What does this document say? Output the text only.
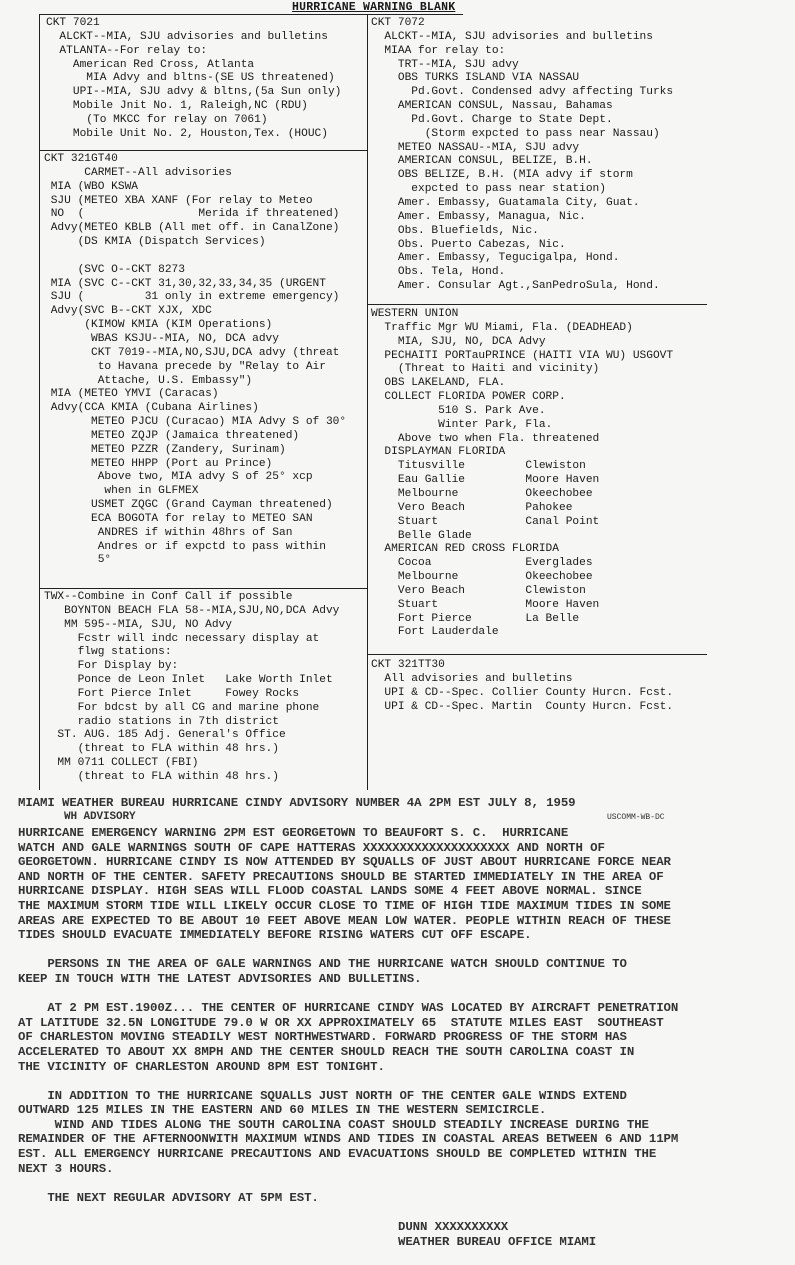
HURRICANE WARNING BLANK
CKT 7021
ALCKT--MIA, SJU advisories and bulletins
ATLANTA--For relay to:
American Red Cross, Atlanta
MIA Advy and bltns-(SE US threatened)
UPI--MIA, SJU advy & bltns,(5a Sun only)
Mobile Jnit No. 1, Raleigh,NC (RDU)
(To MKCC for relay on 7061)
Mobile Unit No. 2, Houston,Tex. (HOUC)
CKT 321GT40
CARMET--All advisories
MIA (WBO KSWA
SJU (METEO XBA XANF (For relay to Meteo
NO  (                 Merida if threatened)
Advy(METEO KBLB (All met off. in CanalZone)
(DS KMIA (Dispatch Services)
(SVC O--CKT 8273
MIA (SVC C--CKT 31,30,32,33,34,35 (URGENT
SJU (         31 only in extreme emergency)
Advy(SVC B--CKT XJX, XDC
(KIMOW KMIA (KIM Operations)
WBAS KSJU--MIA, NO, DCA advy
CKT 7019--MIA,NO,SJU,DCA advy (threat
to Havana precede by "Relay to Air
Attache, U.S. Embassy")
MIA (METEO YMVI (Caracas)
Advy(CCA KMIA (Cubana Airlines)
METEO PJCU (Curacao) MIA Advy S of 30°
METEO ZQJP (Jamaica threatened)
METEO PZZR (Zandery, Surinam)
METEO HHPP (Port au Prince)
Above two, MIA advy S of 25° xcp
when in GLFMEX
USMET ZQGC (Grand Cayman threatened)
ECA BOGOTA for relay to METEO SAN
ANDRES if within 48hrs of San
Andres or if expctd to pass within
5°
TWX--Combine in Conf Call if possible
BOYNTON BEACH FLA 58--MIA,SJU,NO,DCA Advy
MM 595--MIA, SJU, NO Advy
Fcstr will indc necessary display at
flwg stations:
For Display by:
Ponce de Leon Inlet   Lake Worth Inlet
Fort Pierce Inlet     Fowey Rocks
For bdcst by all CG and marine phone
radio stations in 7th district
ST. AUG. 185 Adj. General's Office
(threat to FLA within 48 hrs.)
MM 0711 COLLECT (FBI)
(threat to FLA within 48 hrs.)
CKT 7072
ALCKT--MIA, SJU advisories and bulletins
MIAA for relay to:
TRT--MIA, SJU advy
OBS TURKS ISLAND VIA NASSAU
Pd.Govt. Condensed advy affecting Turks
AMERICAN CONSUL, Nassau, Bahamas
Pd.Govt. Charge to State Dept.
(Storm expcted to pass near Nassau)
METEO NASSAU--MIA, SJU advy
AMERICAN CONSUL, BELIZE, B.H.
OBS BELIZE, B.H. (MIA advy if storm
expcted to pass near station)
Amer. Embassy, Guatamala City, Guat.
Amer. Embassy, Managua, Nic.
Obs. Bluefields, Nic.
Obs. Puerto Cabezas, Nic.
Amer. Embassy, Tegucigalpa, Hond.
Obs. Tela, Hond.
Amer. Consular Agt.,SanPedroSula, Hond.
WESTERN UNION
Traffic Mgr WU Miami, Fla. (DEADHEAD)
MIA, SJU, NO, DCA Advy
PECHAITI PORTauPRINCE (HAITI VIA WU) USGOVT
(Threat to Haiti and vicinity)
OBS LAKELAND, FLA.
COLLECT FLORIDA POWER CORP.
510 S. Park Ave.
Winter Park, Fla.
Above two when Fla. threatened
DISPLAYMAN FLORIDA
Titusville         Clewiston
Eau Gallie         Moore Haven
Melbourne          Okeechobee
Vero Beach         Pahokee
Stuart             Canal Point
Belle Glade
AMERICAN RED CROSS FLORIDA
Cocoa              Everglades
Melbourne          Okeechobee
Vero Beach         Clewiston
Stuart             Moore Haven
Fort Pierce        La Belle
Fort Lauderdale
CKT 321TT30
All advisories and bulletins
UPI & CD--Spec. Collier County Hurcn. Fcst.
UPI & CD--Spec. Martin  County Hurcn. Fcst.
MIAMI WEATHER BUREAU HURRICANE CINDY ADVISORY NUMBER 4A 2PM EST JULY 8, 1959
WH ADVISORY	USCOMM-WB-DC
HURRICANE EMERGENCY WARNING 2PM EST GEORGETOWN TO BEAUFORT S. C.  HURRICANE
WATCH AND GALE WARNINGS SOUTH OF CAPE HATTERAS XXXXXXXXXXXXXXXXXXXX AND NORTH OF
GEORGETOWN. HURRICANE CINDY IS NOW ATTENDED BY SQUALLS OF JUST ABOUT HURRICANE FORCE NEAR
AND NORTH OF THE CENTER. SAFETY PRECAUTIONS SHOULD BE STARTED IMMEDIATELY IN THE AREA OF
HURRICANE DISPLAY. HIGH SEAS WILL FLOOD COASTAL LANDS SOME 4 FEET ABOVE NORMAL. SINCE
THE MAXIMUM STORM TIDE WILL LIKELY OCCUR CLOSE TO TIME OF HIGH TIDE MAXIMUM TIDES IN SOME
AREAS ARE EXPECTED TO BE ABOUT 10 FEET ABOVE MEAN LOW WATER. PEOPLE WITHIN REACH OF THESE
TIDES SHOULD EVACUATE IMMEDIATELY BEFORE RISING WATERS CUT OFF ESCAPE.
PERSONS IN THE AREA OF GALE WARNINGS AND THE HURRICANE WATCH SHOULD CONTINUE TO
KEEP IN TOUCH WITH THE LATEST ADVISORIES AND BULLETINS.
AT 2 PM EST.1900Z... THE CENTER OF HURRICANE CINDY WAS LOCATED BY AIRCRAFT PENETRATION
AT LATITUDE 32.5N LONGITUDE 79.0 W OR XX APPROXIMATELY 65  STATUTE MILES EAST  SOUTHEAST
OF CHARLESTON MOVING STEADILY WEST NORTHWESTWARD. FORWARD PROGRESS OF THE STORM HAS
ACCELERATED TO ABOUT XX 8MPH AND THE CENTER SHOULD REACH THE SOUTH CAROLINA COAST IN
THE VICINITY OF CHARLESTON AROUND 8PM EST TONIGHT.
IN ADDITION TO THE HURRICANE SQUALLS JUST NORTH OF THE CENTER GALE WINDS EXTEND
OUTWARD 125 MILES IN THE EASTERN AND 60 MILES IN THE WESTERN SEMICIRCLE.
WIND AND TIDES ALONG THE SOUTH CAROLINA COAST SHOULD STEADILY INCREASE DURING THE
REMAINDER OF THE AFTERNOONWITH MAXIMUM WINDS AND TIDES IN COASTAL AREAS BETWEEN 6 AND 11PM
EST. ALL EMERGENCY HURRICANE PRECAUTIONS AND EVACUATIONS SHOULD BE COMPLETED WITHIN THE
NEXT 3 HOURS.
THE NEXT REGULAR ADVISORY AT 5PM EST.
DUNN XXXXXXXXXX
WEATHER BUREAU OFFICE MIAMI
